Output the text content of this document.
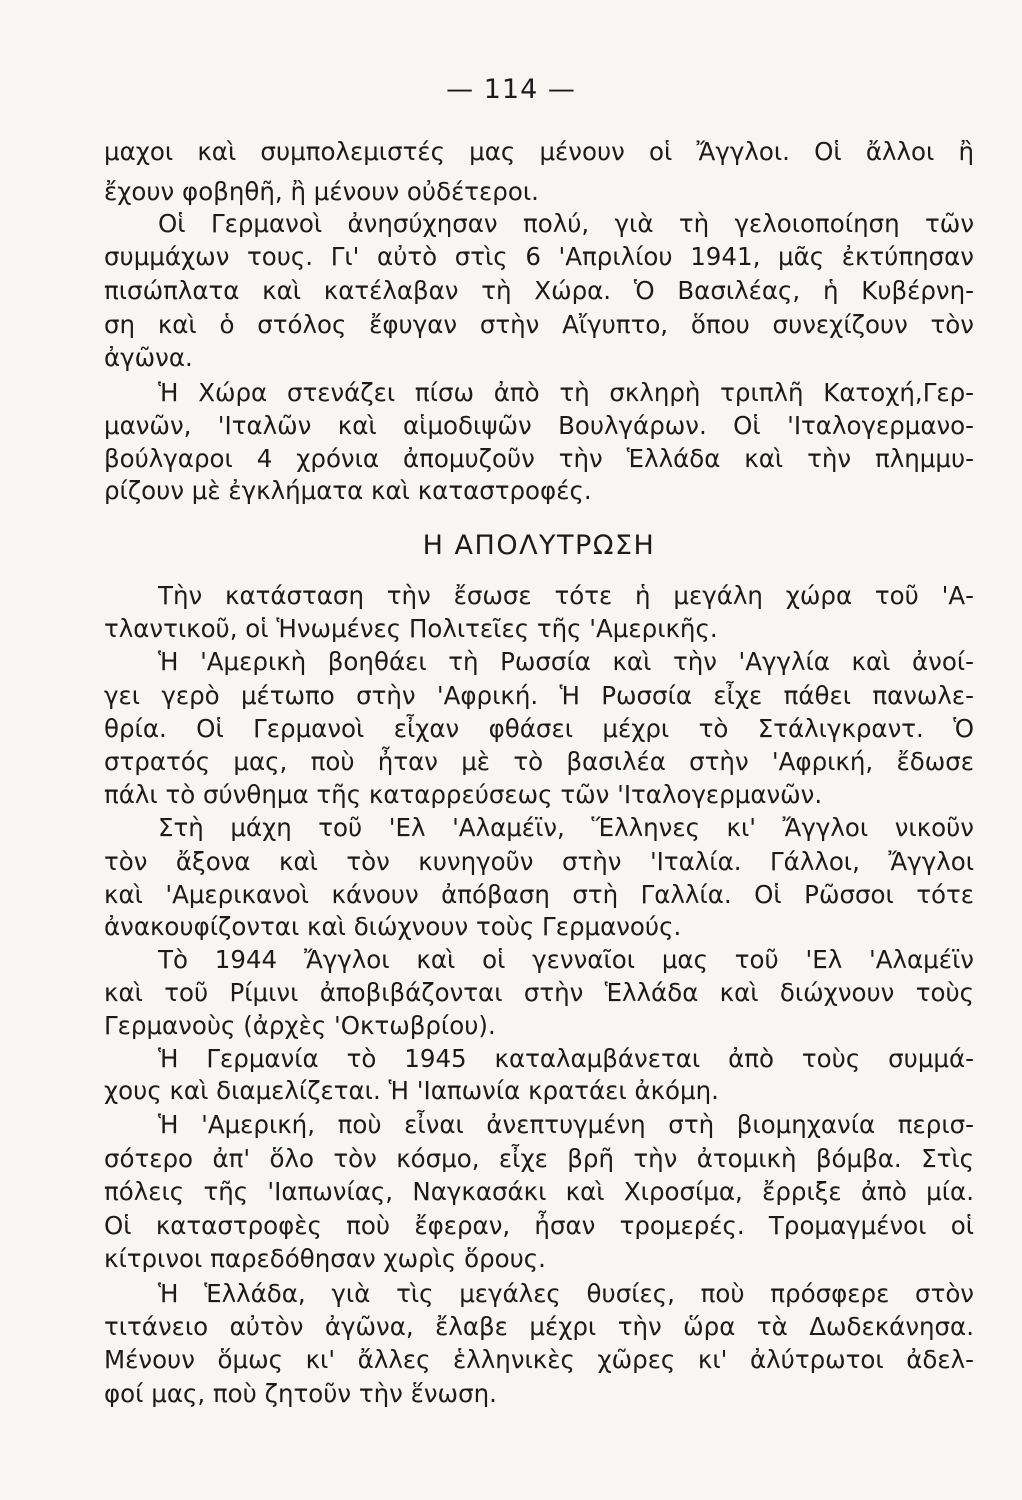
— 114 —
μαχοι καὶ συμπολεμιστές μας μένουν οἱ Ἄγγλοι. Οἱ ἄλλοι ἢ
ἔχουν φοβηθῆ, ἢ μένουν οὐδέτεροι.
Οἱ Γερμανοὶ ἀνησύχησαν πολύ, γιὰ τὴ γελοιοποίηση τῶν
συμμάχων τους. Γι' αὐτὸ στὶς 6 'Απριλίου 1941, μᾶς ἐκτύπησαν
πισώπλατα καὶ κατέλαβαν τὴ Χώρα. Ὁ Βασιλέας, ἡ Κυβέρνη-
ση καὶ ὁ στόλος ἔφυγαν στὴν Αἴγυπτο, ὅπου συνεχίζουν τὸν
ἀγῶνα.
Ἡ Χώρα στενάζει πίσω ἀπὸ τὴ σκληρὴ τριπλῆ Κατοχή,Γερ-
μανῶν, 'Ιταλῶν καὶ αἱμοδιψῶν Βουλγάρων. Οἱ 'Ιταλογερμανο-
βούλγαροι 4 χρόνια ἀπομυζοῦν τὴν Ἑλλάδα καὶ τὴν πλημμυ-
ρίζουν μὲ ἐγκλήματα καὶ καταστροφές.
Η ΑΠΟΛΥΤΡΩΣΗ
Τὴν κατάσταση τὴν ἔσωσε τότε ἡ μεγάλη χώρα τοῦ 'Α-
τλαντικοῦ, οἱ Ἡνωμένες Πολιτεῖες τῆς 'Αμερικῆς.
Ἡ 'Αμερικὴ βοηθάει τὴ Ρωσσία καὶ τὴν 'Αγγλία καὶ ἀνοί-
γει γερὸ μέτωπο στὴν 'Αφρική. Ἡ Ρωσσία εἶχε πάθει πανωλε-
θρία. Οἱ Γερμανοὶ εἶχαν φθάσει μέχρι τὸ Στάλιγκραντ. Ὁ
στρατός μας, ποὺ ἦταν μὲ τὸ βασιλέα στὴν 'Αφρική, ἔδωσε
πάλι τὸ σύνθημα τῆς καταρρεύσεως τῶν 'Ιταλογερμανῶν.
Στὴ μάχη τοῦ 'Ελ 'Αλαμέϊν, Ἕλληνες κι' Ἄγγλοι νικοῦν
τὸν ἄξονα καὶ τὸν κυνηγοῦν στὴν 'Ιταλία. Γάλλοι, Ἄγγλοι
καὶ 'Αμερικανοὶ κάνουν ἀπόβαση στὴ Γαλλία. Οἱ Ρῶσσοι τότε
ἀνακουφίζονται καὶ διώχνουν τοὺς Γερμανούς.
Τὸ 1944 Ἄγγλοι καὶ οἱ γενναῖοι μας τοῦ 'Ελ 'Αλαμέϊν
καὶ τοῦ Ρίμινι ἀποβιβάζονται στὴν Ἑλλάδα καὶ διώχνουν τοὺς
Γερμανοὺς (ἀρχὲς 'Οκτωβρίου).
Ἡ Γερμανία τὸ 1945 καταλαμβάνεται ἀπὸ τοὺς συμμά-
χους καὶ διαμελίζεται. Ἡ 'Ιαπωνία κρατάει ἀκόμη.
Ἡ 'Αμερική, ποὺ εἶναι ἀνεπτυγμένη στὴ βιομηχανία περισ-
σότερο ἀπ' ὅλο τὸν κόσμο, εἶχε βρῆ τὴν ἀτομικὴ βόμβα. Στὶς
πόλεις τῆς 'Ιαπωνίας, Ναγκασάκι καὶ Χιροσίμα, ἔρριξε ἀπὸ μία.
Οἱ καταστροφὲς ποὺ ἔφεραν, ἦσαν τρομερές. Τρομαγμένοι οἱ
κίτρινοι παρεδόθησαν χωρὶς ὅρους.
Ἡ Ἑλλάδα, γιὰ τὶς μεγάλες θυσίες, ποὺ πρόσφερε στὸν
τιτάνειο αὐτὸν ἀγῶνα, ἔλαβε μέχρι τὴν ὥρα τὰ Δωδεκάνησα.
Μένουν ὅμως κι' ἄλλες ἑλληνικὲς χῶρες κι' ἀλύτρωτοι ἀδελ-
φοί μας, ποὺ ζητοῦν τὴν ἕνωση.
